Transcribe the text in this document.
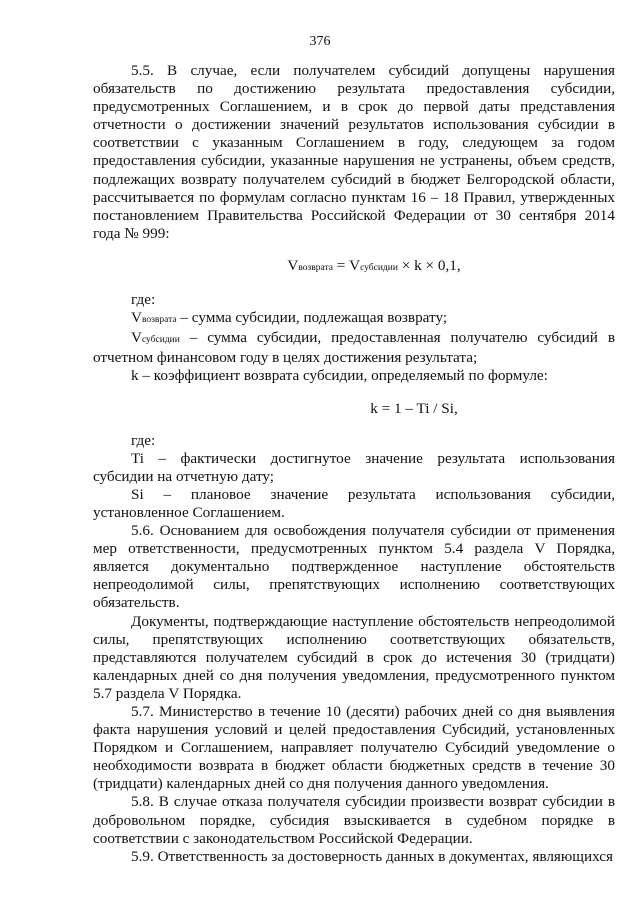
376

5.5. В случае, если получателем субсидий допущены нарушения обязательств по достижению результата предоставления субсидии, предусмотренных Соглашением, и в срок до первой даты представления отчетности о достижении значений результатов использования субсидии в соответствии с указанным Соглашением в году, следующем за годом предоставления субсидии, указанные нарушения не устранены, объем средств, подлежащих возврату получателем субсидий в бюджет Белгородской области, рассчитывается по формулам согласно пунктам 16 – 18 Правил, утвержденных постановлением Правительства Российской Федерации от 30 сентября 2014 года № 999:

Vвозврата = Vсубсидии × k × 0,1,

где:

Vвозврата – сумма субсидии, подлежащая возврату;

Vсубсидии – сумма субсидии, предоставленная получателю субсидий в отчетном финансовом году в целях достижения результата;

k – коэффициент возврата субсидии, определяемый по формуле:

k = 1 – Ti / Si,

где:

Ti – фактически достигнутое значение результата использования субсидии на отчетную дату;

Si – плановое значение результата использования субсидии, установленное Соглашением.

5.6. Основанием для освобождения получателя субсидии от применения мер ответственности, предусмотренных пунктом 5.4 раздела V Порядка, является документально подтвержденное наступление обстоятельств непреодолимой силы, препятствующих исполнению соответствующих обязательств.

Документы, подтверждающие наступление обстоятельств непреодолимой силы, препятствующих исполнению соответствующих обязательств, представляются получателем субсидий в срок до истечения 30 (тридцати) календарных дней со дня получения уведомления, предусмотренного пунктом 5.7 раздела V Порядка.

5.7. Министерство в течение 10 (десяти) рабочих дней со дня выявления факта нарушения условий и целей предоставления Субсидий, установленных Порядком и Соглашением, направляет получателю Субсидий уведомление о необходимости возврата в бюджет области бюджетных средств в течение 30 (тридцати) календарных дней со дня получения данного уведомления.

5.8. В случае отказа получателя субсидии произвести возврат субсидии в добровольном порядке, субсидия взыскивается в судебном порядке в соответствии с законодательством Российской Федерации.

5.9. Ответственность за достоверность данных в документах, являющихся
